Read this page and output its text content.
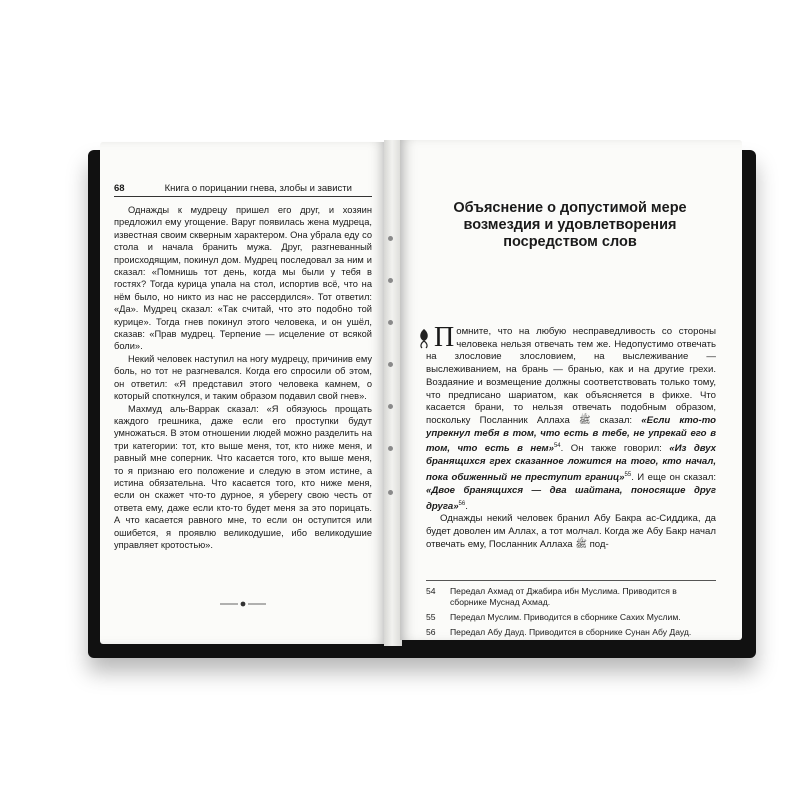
68	Книга о порицании гнева, злобы и зависти

Однажды к мудрецу пришел его друг, и хозяин предложил ему угощение. Варуг появилась жена мудреца, известная своим скверным характером. Она убрала еду со стола и начала бранить мужа. Друг, разгневанный происходящим, покинул дом. Мудрец последовал за ним и сказал: «Помнишь тот день, когда мы были у тебя в гостях? Тогда курица упала на стол, испортив всё, что на нём было, но никто из нас не рассердился». Тот ответил: «Да». Мудрец сказал: «Так считай, что это подобно той курице». Тогда гнев покинул этого человека, и он ушёл, сказав: «Прав мудрец. Терпение — исцеление от всякой боли».

Некий человек наступил на ногу мудрецу, причинив ему боль, но тот не разгневался. Когда его спросили об этом, он ответил: «Я представил этого человека камнем, о который споткнулся, и таким образом подавил свой гнев».

Махмуд аль-Варрак сказал: «Я обязуюсь прощать каждого грешника, даже если его проступки будут умножаться. В этом отношении людей можно разделить на три категории: тот, кто выше меня, тот, кто ниже меня, и равный мне соперник. Что касается того, кто выше меня, то я признаю его положение и следую в этом истине, а истина обязательна. Что касается того, кто ниже меня, если он скажет что-то дурное, я уберегу свою честь от ответа ему, даже если кто-то будет меня за это порицать. А что касается равного мне, то если он оступится или ошибется, я проявлю великодушие, ибо великодушие управляет кротостью».

Объяснение о допустимой мере возмездия и удовлетворения посредством слов

П омните, что на любую несправедливость со стороны человека нельзя отвечать тем же. Недопустимо отвечать на злословие злословием, на выслеживание — выслеживанием, на брань — бранью, как и на другие грехи. Воздаяние и возмещение должны соответствовать только тому, что предписано шариатом, как объясняется в фикхе. Что касается брани, то нельзя отвечать подобным образом, поскольку Посланник Аллаха ﷺ сказал: «Если кто-то упрекнул тебя в том, что есть в тебе, не упрекай его в том, что есть в нем»$^{54}$. Он также говорил: «Из двух бранящихся грех сказанное ложится на того, кто начал, пока обиженный не преступит границ»$^{55}$. И еще он сказал: «Двое бранящихся — два шайтана, поносящие друг друга»$^{56}$.

Однажды некий человек бранил Абу Бакра ас-Сиддика, да будет доволен им Аллах, а тот молчал. Когда же Абу Бакр начал отвечать ему, Посланник Аллаха ﷺ под-

54	Передал Ахмад от Джабира ибн Муслима. Приводится в сборнике Муснад Ахмад.
55	Передал Муслим. Приводится в сборнике Сахих Муслим.
56	Передал Абу Дауд. Приводится в сборнике Сунан Абу Дауд.
